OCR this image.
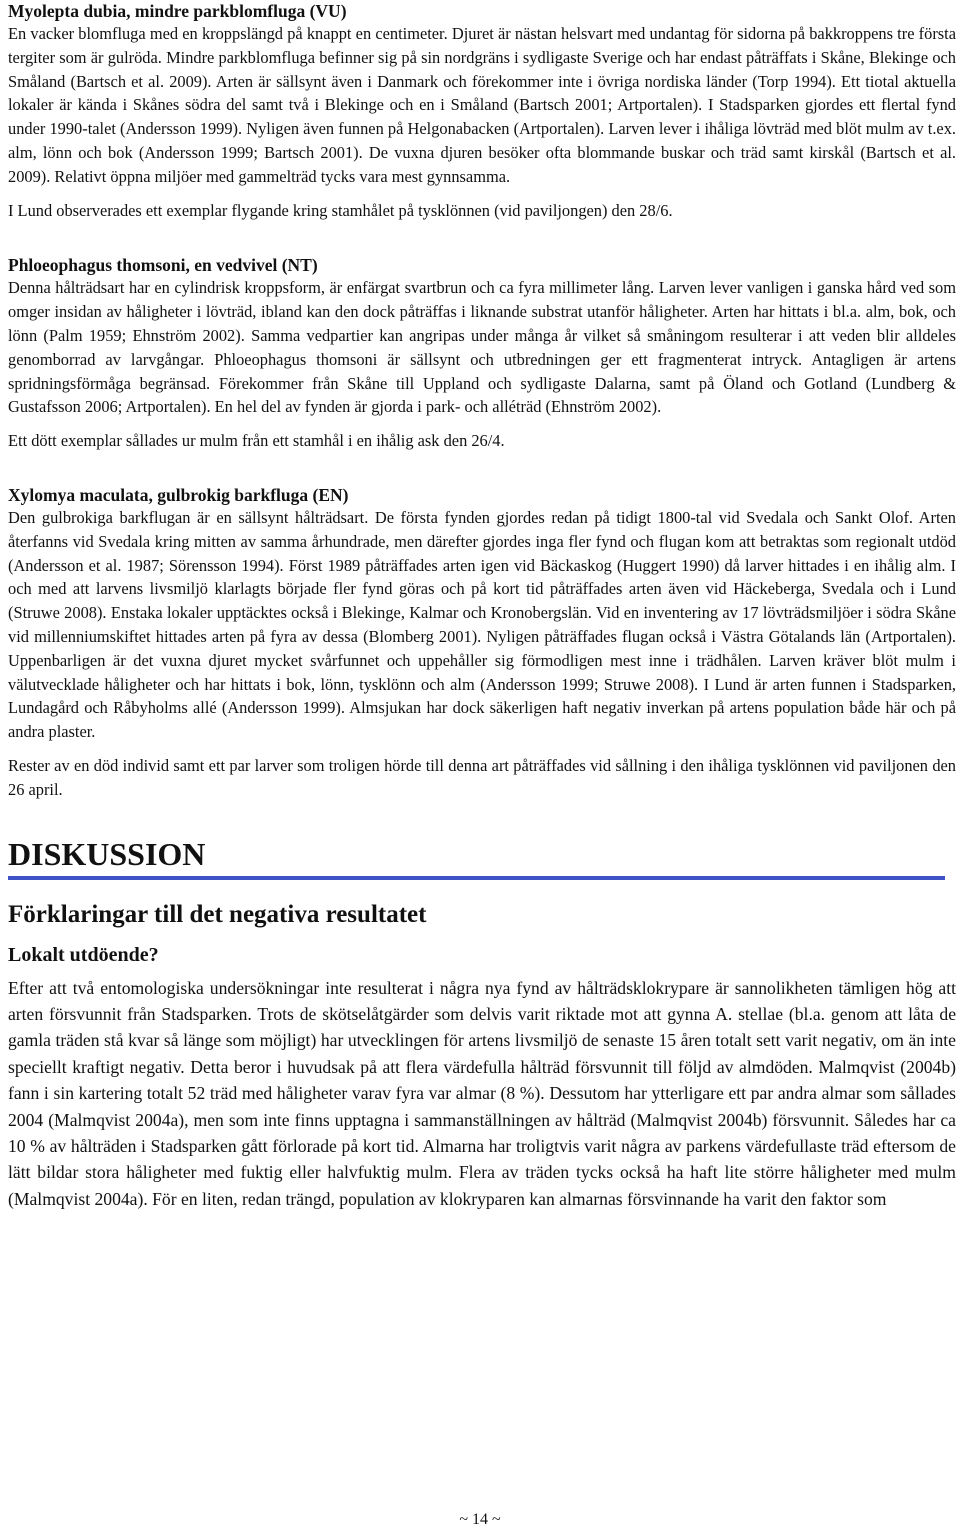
Myolepta dubia, mindre parkblomfluga (VU)

En vacker blomfluga med en kroppslängd på knappt en centimeter. Djuret är nästan helsvart med undantag för sidorna på bakkroppens tre första tergiter som är gulröda. Mindre parkblomfluga befinner sig på sin nordgräns i sydligaste Sverige och har endast påträffats i Skåne, Blekinge och Småland (Bartsch et al. 2009). Arten är sällsynt även i Danmark och förekommer inte i övriga nordiska länder (Torp 1994). Ett tiotal aktuella lokaler är kända i Skånes södra del samt två i Blekinge och en i Småland (Bartsch 2001; Artportalen). I Stadsparken gjordes ett flertal fynd under 1990-talet (Andersson 1999). Nyligen även funnen på Helgonabacken (Artportalen). Larven lever i ihåliga lövträd med blöt mulm av t.ex. alm, lönn och bok (Andersson 1999; Bartsch 2001). De vuxna djuren besöker ofta blommande buskar och träd samt kirskål (Bartsch et al. 2009). Relativt öppna miljöer med gammelträd tycks vara mest gynnsamma.

I Lund observerades ett exemplar flygande kring stamhålet på tysklönnen (vid paviljongen) den 28/6.

Phloeophagus thomsoni, en vedvivel (NT)

Denna hålträdsart har en cylindrisk kroppsform, är enfärgat svartbrun och ca fyra millimeter lång. Larven lever vanligen i ganska hård ved som omger insidan av håligheter i lövträd, ibland kan den dock påträffas i liknande substrat utanför håligheter. Arten har hittats i bl.a. alm, bok, och lönn (Palm 1959; Ehnström 2002). Samma vedpartier kan angripas under många år vilket så småningom resulterar i att veden blir alldeles genomborrad av larvgångar. Phloeophagus thomsoni är sällsynt och utbredningen ger ett fragmenterat intryck. Antagligen är artens spridningsförmåga begränsad. Förekommer från Skåne till Uppland och sydligaste Dalarna, samt på Öland och Gotland (Lundberg & Gustafsson 2006; Artportalen). En hel del av fynden är gjorda i park- och alléträd (Ehnström 2002).

Ett dött exemplar sållades ur mulm från ett stamhål i en ihålig ask den 26/4.

Xylomya maculata, gulbrokig barkfluga (EN)

Den gulbrokiga barkflugan är en sällsynt hålträdsart. De första fynden gjordes redan på tidigt 1800-tal vid Svedala och Sankt Olof. Arten återfanns vid Svedala kring mitten av samma århundrade, men därefter gjordes inga fler fynd och flugan kom att betraktas som regionalt utdöd (Andersson et al. 1987; Sörensson 1994). Först 1989 påträffades arten igen vid Bäckaskog (Huggert 1990) då larver hittades i en ihålig alm. I och med att larvens livsmiljö klarlagts började fler fynd göras och på kort tid påträffades arten även vid Häckeberga, Svedala och i Lund (Struwe 2008). Enstaka lokaler upptäcktes också i Blekinge, Kalmar och Kronobergslän. Vid en inventering av 17 lövträdsmiljöer i södra Skåne vid millenniumskiftet hittades arten på fyra av dessa (Blomberg 2001). Nyligen påträffades flugan också i Västra Götalands län (Artportalen). Uppenbarligen är det vuxna djuret mycket svårfunnet och uppehåller sig förmodligen mest inne i trädhålen. Larven kräver blöt mulm i välutvecklade håligheter och har hittats i bok, lönn, tysklönn och alm (Andersson 1999; Struwe 2008). I Lund är arten funnen i Stadsparken, Lundagård och Råbyholms allé (Andersson 1999). Almsjukan har dock säkerligen haft negativ inverkan på artens population både här och på andra plaster.

Rester av en död individ samt ett par larver som troligen hörde till denna art påträffades vid sållning i den ihåliga tysklönnen vid paviljonen den 26 april.

DISKUSSION
Förklaringar till det negativa resultatet
Lokalt utdöende?

Efter att två entomologiska undersökningar inte resulterat i några nya fynd av hålträdsklokrypare är sannolikheten tämligen hög att arten försvunnit från Stadsparken. Trots de skötselåtgärder som delvis varit riktade mot att gynna A. stellae (bl.a. genom att låta de gamla träden stå kvar så länge som möjligt) har utvecklingen för artens livsmiljö de senaste 15 åren totalt sett varit negativ, om än inte speciellt kraftigt negativ. Detta beror i huvudsak på att flera värdefulla hålträd försvunnit till följd av almdöden. Malmqvist (2004b) fann i sin kartering totalt 52 träd med håligheter varav fyra var almar (8 %). Dessutom har ytterligare ett par andra almar som sållades 2004 (Malmqvist 2004a), men som inte finns upptagna i sammanställningen av hålträd (Malmqvist 2004b) försvunnit. Således har ca 10 % av hålträden i Stadsparken gått förlorade på kort tid. Almarna har troligtvis varit några av parkens värdefullaste träd eftersom de lätt bildar stora håligheter med fuktig eller halvfuktig mulm. Flera av träden tycks också ha haft lite större håligheter med mulm (Malmqvist 2004a). För en liten, redan trängd, population av klokryparen kan almarnas försvinnande ha varit den faktor som

~ 14 ~
